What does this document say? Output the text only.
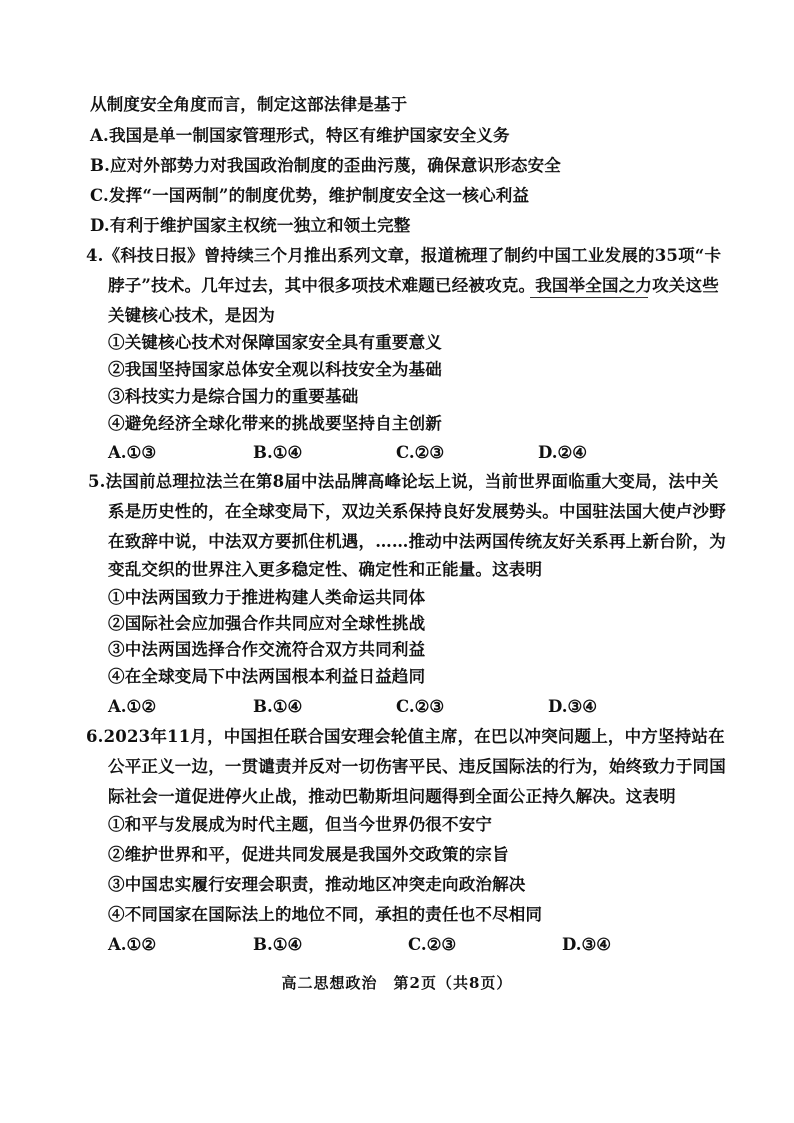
从制度安全角度而言，制定这部法律是基于
A.我国是单一制国家管理形式，特区有维护国家安全义务
B.应对外部势力对我国政治制度的歪曲污蔑，确保意识形态安全
C.发挥“一国两制”的制度优势，维护制度安全这一核心利益
D.有利于维护国家主权统一独立和领土完整
4.《科技日报》曾持续三个月推出系列文章，报道梳理了制约中国工业发展的35项“卡
脖子”技术。几年过去，其中很多项技术难题已经被攻克。我国举全国之力攻关这些
关键核心技术，是因为
①关键核心技术对保障国家安全具有重要意义
②我国坚持国家总体安全观以科技安全为基础
③科技实力是综合国力的重要基础
④避免经济全球化带来的挑战要坚持自主创新
A.①③	B.①④	C.②③	D.②④
5.法国前总理拉法兰在第8届中法品牌高峰论坛上说，当前世界面临重大变局，法中关
系是历史性的，在全球变局下，双边关系保持良好发展势头。中国驻法国大使卢沙野
在致辞中说，中法双方要抓住机遇，……推动中法两国传统友好关系再上新台阶，为
变乱交织的世界注入更多稳定性、确定性和正能量。这表明
①中法两国致力于推进构建人类命运共同体
②国际社会应加强合作共同应对全球性挑战
③中法两国选择合作交流符合双方共同利益
④在全球变局下中法两国根本利益日益趋同
A.①②	B.①④	C.②③	D.③④
6.2023年11月，中国担任联合国安理会轮值主席，在巴以冲突问题上，中方坚持站在
公平正义一边，一贯谴责并反对一切伤害平民、违反国际法的行为，始终致力于同国
际社会一道促进停火止战，推动巴勒斯坦问题得到全面公正持久解决。这表明
①和平与发展成为时代主题，但当今世界仍很不安宁
②维护世界和平，促进共同发展是我国外交政策的宗旨
③中国忠实履行安理会职责，推动地区冲突走向政治解决
④不同国家在国际法上的地位不同，承担的责任也不尽相同
A.①②	B.①④	C.②③	D.③④
高二思想政治　第2页（共8页）
